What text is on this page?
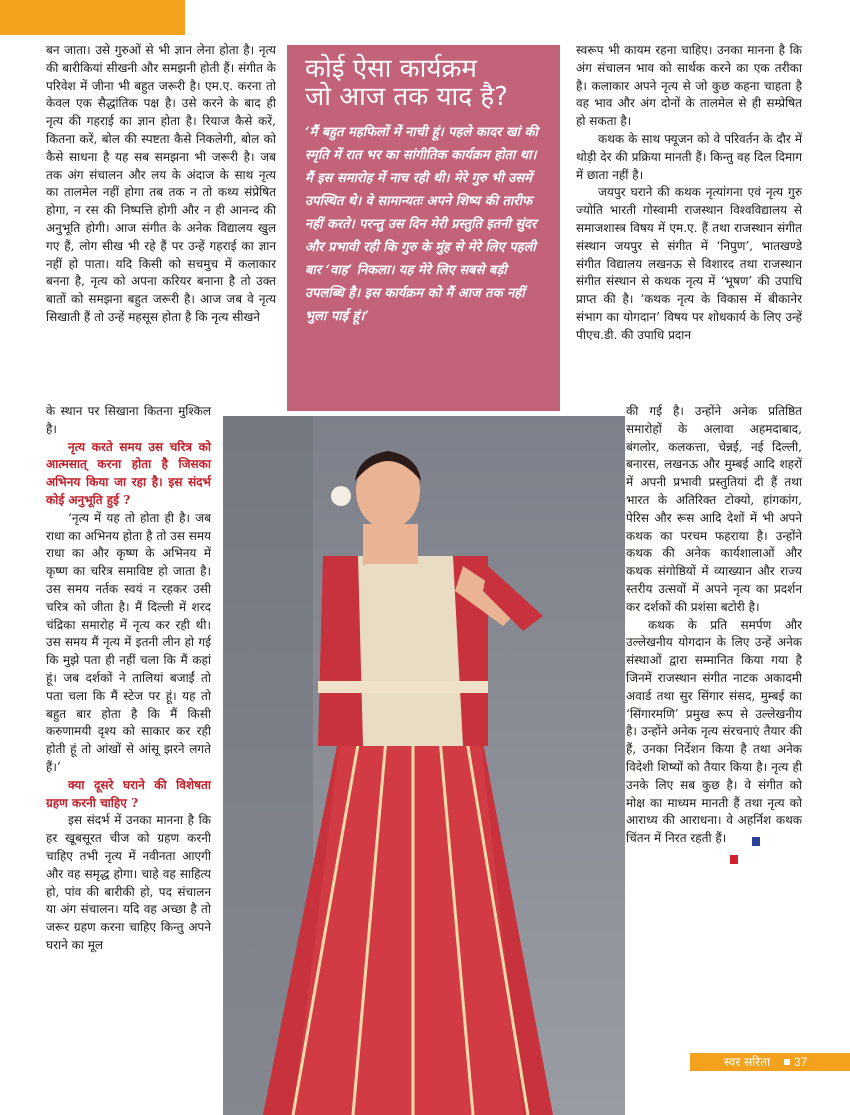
बन जाता। उसे गुरुओं से भी ज्ञान लेना होता है। नृत्य की बारीकियां सीखनी और समझनी होती हैं। संगीत के परिवेश में जीना भी बहुत जरूरी है। एम.ए. करना तो केवल एक सैद्धांतिक पक्ष है। उसे करने के बाद ही नृत्य की गहराई का ज्ञान होता है। रियाज कैसे करें, कितना करें, बोल की स्पष्टता कैसे निकलेगी, बोल को कैसे साधना है यह सब समझना भी जरूरी है। जब तक अंग संचालन और लय के अंदाज के साथ नृत्य का तालमेल नहीं होगा तब तक न तो कथ्य संप्रेषित होगा, न रस की निष्पत्ति होगी और न ही आनन्द की अनुभूति होगी। आज संगीत के अनेक विद्यालय खुल गए हैं, लोग सीख भी रहे हैं पर उन्हें गहराई का ज्ञान नहीं हो पाता। यदि किसी को सचमुच में कलाकार बनना है, नृत्य को अपना करियर बनाना है तो उक्त बातों को समझना बहुत जरूरी है। आज जब वे नृत्य सिखाती हैं तो उन्हें महसूस होता है कि नृत्य सीखने

के स्थान पर सिखाना कितना मुश्किल है।

नृत्य करते समय उस चरित्र को आत्मसात् करना होता है जिसका अभिनय किया जा रहा है। इस संदर्भ कोई अनुभूति हुई ?

‘नृत्य में यह तो होता ही है। जब राधा का अभिनय होता है तो उस समय राधा का और कृष्ण के अभिनय में कृष्ण का चरित्र समाविष्ट हो जाता है। उस समय नर्तक स्वयं न रहकर उसी चरित्र को जीता है। मैं दिल्ली में शरद चंद्रिका समारोह में नृत्य कर रही थी। उस समय मैं नृत्य में इतनी लीन हो गई कि मुझे पता ही नहीं चला कि मैं कहां हूं। जब दर्शकों ने तालियां बजाईं तो पता चला कि मैं स्टेज पर हूं। यह तो बहुत बार होता है कि मैं किसी करुणामयी दृश्य को साकार कर रही होती हूं तो आंखों से आंसू झरने लगते हैं।’

क्या दूसरे घराने की विशेषता ग्रहण करनी चाहिए ?

इस संदर्भ में उनका मानना है कि हर खूबसूरत चीज को ग्रहण करनी चाहिए तभी नृत्य में नवीनता आएगी और वह समृद्ध होगा। चाहे वह साहित्य हो, पांव की बारीकी हो, पद संचालन या अंग संचालन। यदि वह अच्छा है तो जरूर ग्रहण करना चाहिए किन्तु अपने घराने का मूल

कोई ऐसा कार्यक्रम
जो आज तक याद है?

‘मैं बहुत महफिलों में नाची हूं। पहले कादर खां की स्मृति में रात भर का सांगीतिक कार्यक्रम होता था। मैं इस समारोह में नाच रही थी। मेरे गुरु भी उसमें उपस्थित थे। वे सामान्यतः अपने शिष्य की तारीफ नहीं करते। परन्तु उस दिन मेरी प्रस्तुति इतनी सुंदर और प्रभावी रही कि गुरु के मुंह से मेरे लिए पहली बार ‘वाह’ निकला। यह मेरे लिए सबसे बड़ी उपलब्धि है। इस कार्यक्रम को मैं आज तक नहीं भुला पाई हूं।’

स्वरूप भी कायम रहना चाहिए। उनका मानना है कि अंग संचालन भाव को सार्थक करने का एक तरीका है। कलाकार अपने नृत्य से जो कुछ कहना चाहता है वह भाव और अंग दोनों के तालमेल से ही सम्प्रेषित हो सकता है।

कथक के साथ फ्यूजन को वे परिवर्तन के दौर में थोड़ी देर की प्रक्रिया मानती हैं। किन्तु वह दिल दिमाग में छाता नहीं है।

जयपुर घराने की कथक नृत्यांगना एवं नृत्य गुरु ज्योति भारती गोस्वामी राजस्थान विश्वविद्यालय से समाजशास्त्र विषय में एम.ए. हैं तथा राजस्थान संगीत संस्थान जयपुर से संगीत में ‘निपुण’, भातखण्डे संगीत विद्यालय लखनऊ से विशारद तथा राजस्थान संगीत संस्थान से कथक नृत्य में ‘भूषण’ की उपाधि प्राप्त की है। ‘कथक नृत्य के विकास में बीकानेर संभाग का योगदान’ विषय पर शोधकार्य के लिए उन्हें पीएच.डी. की उपाधि प्रदान

की गई है। उन्होंने अनेक प्रतिष्ठित समारोहों के अलावा अहमदाबाद, बंगलोर, कलकत्ता, चेन्नई, नई दिल्ली, बनारस, लखनऊ और मुम्बई आदि शहरों में अपनी प्रभावी प्रस्तुतियां दी हैं तथा भारत के अतिरिक्त टोक्यो, हांगकांग, पेरिस और रूस आदि देशों में भी अपने कथक का परचम फहराया है। उन्होंने कथक की अनेक कार्यशालाओं और कथक संगोष्ठियों में व्याख्यान और राज्य स्तरीय उत्सवों में अपने नृत्य का प्रदर्शन कर दर्शकों की प्रशंसा बटोरी है।

कथक के प्रति समर्पण और उल्लेखनीय योगदान के लिए उन्हें अनेक संस्थाओं द्वारा सम्मानित किया गया है जिनमें राजस्थान संगीत नाटक अकादमी अवार्ड तथा सुर सिंगार संसद, मुम्बई का ‘सिंगारमणि’ प्रमुख रूप से उल्लेखनीय है। उन्होंने अनेक नृत्य संरचनाएं तैयार की हैं, उनका निर्देशन किया है तथा अनेक विदेशी शिष्यों को तैयार किया है। नृत्य ही उनके लिए सब कुछ है। वे संगीत को मोक्ष का माध्यम मानती हैं तथा नृत्य को आराध्य की आराधना। वे अहर्निश कथक चिंतन में निरत रहती हैं।

स्वर सरिता 37
